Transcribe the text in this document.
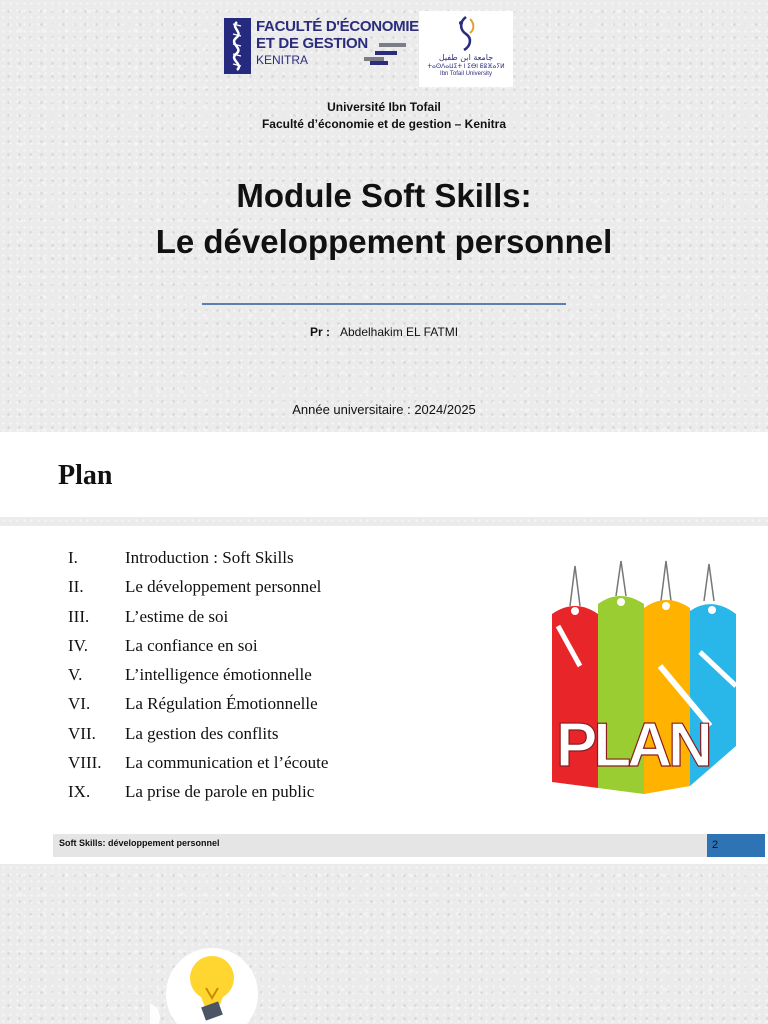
FACULTÉ D'ÉCONOMIE
ET DE GESTION
KENITRA	جامعة ابن طفيل
ⵜⴰⵙⴷⴰⵡⵉⵜ ⵏ ⵉⴱⵏ ⵟⵓⴼⴰⵢⵍ
Ibn Tofail University
Université Ibn Tofail
Faculté d’économie et de gestion – Kenitra
Module Soft Skills:
Le développement personnel
Pr : Abdelhakim EL FATMI
Année universitaire : 2024/2025
Plan
I.	Introduction : Soft Skills
II. Le développement personnel
III. L’estime de soi
IV. La confiance en soi
V.	L’intelligence émotionnelle
VI. La Régulation Émotionnelle
VII. La gestion des conflits
VIII. La communication et l’écoute
IX. La prise de parole en public
PLAN
Soft Skills: développement personnel	2
